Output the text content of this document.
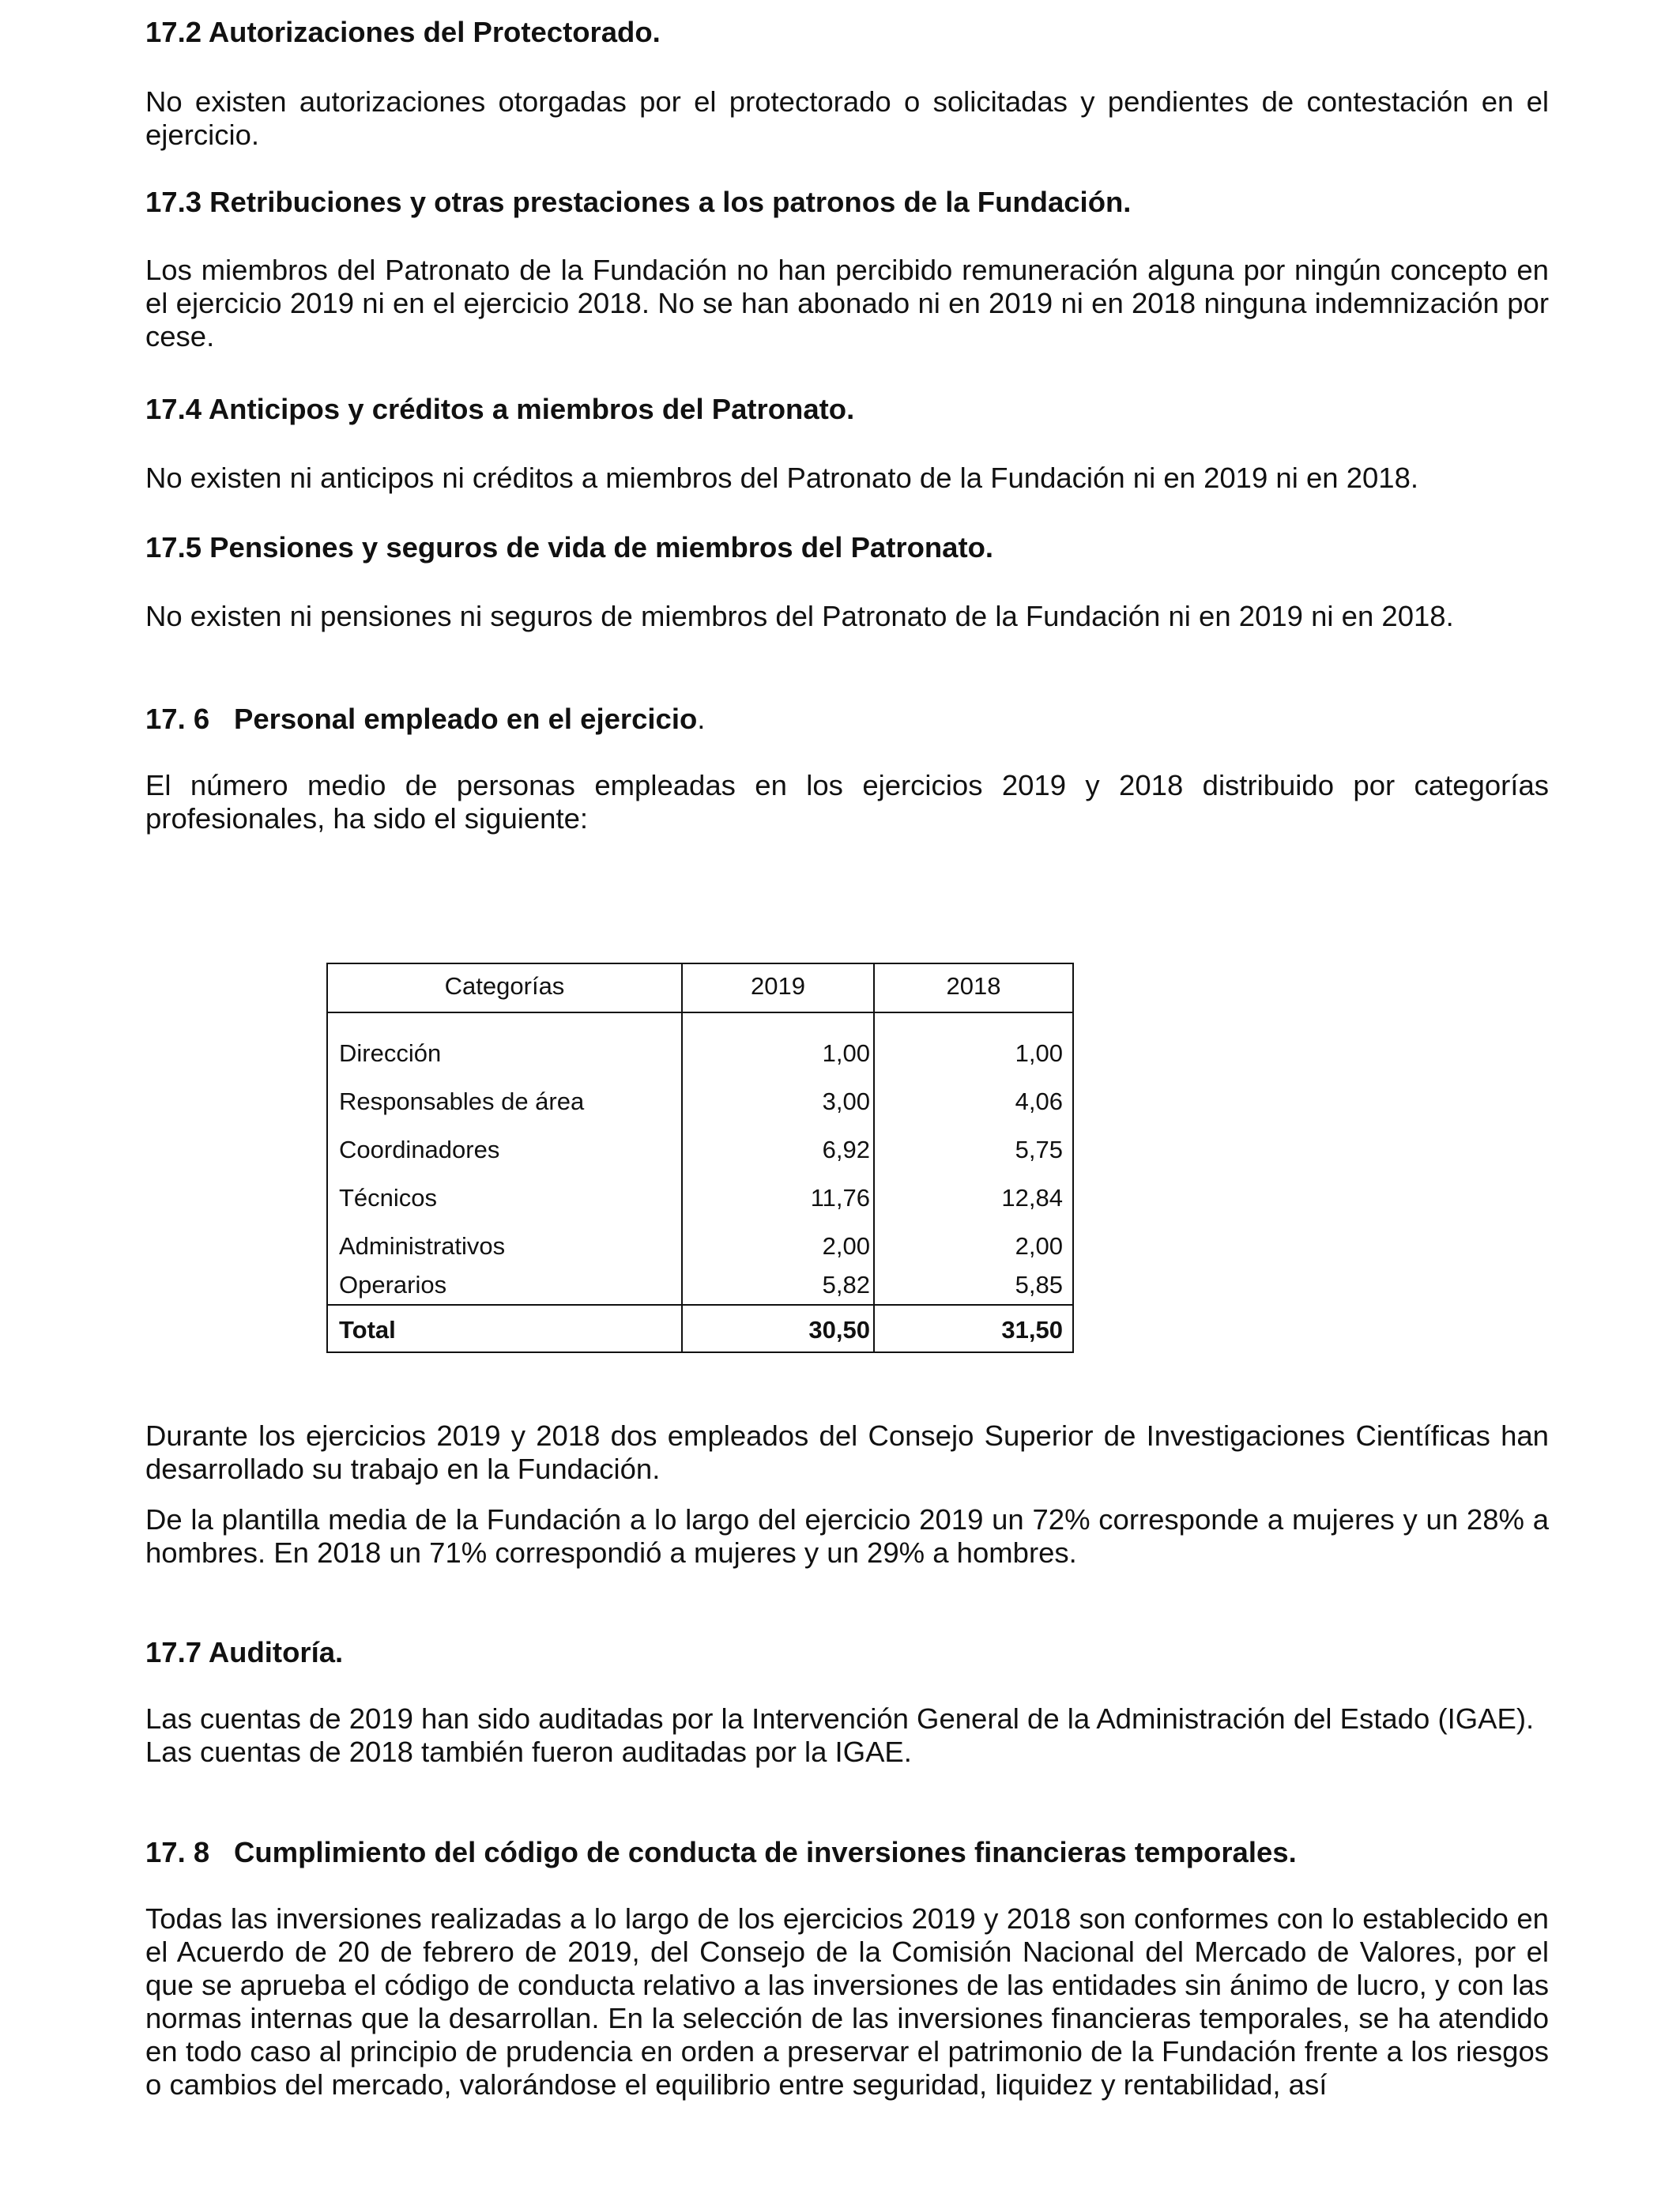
17.2 Autorizaciones del Protectorado.

No existen autorizaciones otorgadas por el protectorado o solicitadas y pendientes de contestación en el ejercicio.

17.3 Retribuciones y otras prestaciones a los patronos de la Fundación.

Los miembros del Patronato de la Fundación no han percibido remuneración alguna por ningún concepto en el ejercicio 2019 ni en el ejercicio 2018. No se han abonado ni en 2019 ni en 2018 ninguna indemnización por cese.

17.4 Anticipos y créditos a miembros del Patronato.

No existen ni anticipos ni créditos a miembros del Patronato de la Fundación ni en 2019 ni en 2018.

17.5 Pensiones y seguros de vida de miembros del Patronato.

No existen ni pensiones ni seguros de miembros del Patronato de la Fundación ni en 2019 ni en 2018.

17. 6 Personal empleado en el ejercicio.

El número medio de personas empleadas en los ejercicios 2019 y 2018 distribuido por categorías profesionales, ha sido el siguiente:

Categorías	2019	2018
Dirección	1,00	1,00
Responsables de área	3,00	4,06
Coordinadores	6,92	5,75
Técnicos	11,76	12,84
Administrativos	2,00	2,00
Operarios	5,82	5,85
Total	30,50	31,50

Durante los ejercicios 2019 y 2018 dos empleados del Consejo Superior de Investigaciones Científicas han desarrollado su trabajo en la Fundación.

De la plantilla media de la Fundación a lo largo del ejercicio 2019 un 72% corresponde a mujeres y un 28% a hombres. En 2018 un 71% correspondió a mujeres y un 29% a hombres.

17.7 Auditoría.

Las cuentas de 2019 han sido auditadas por la Intervención General de la Administración del Estado (IGAE). Las cuentas de 2018 también fueron auditadas por la IGAE.

17. 8 Cumplimiento del código de conducta de inversiones financieras temporales.

Todas las inversiones realizadas a lo largo de los ejercicios 2019 y 2018 son conformes con lo establecido en el Acuerdo de 20 de febrero de 2019, del Consejo de la Comisión Nacional del Mercado de Valores, por el que se aprueba el código de conducta relativo a las inversiones de las entidades sin ánimo de lucro, y con las normas internas que la desarrollan. En la selección de las inversiones financieras temporales, se ha atendido en todo caso al principio de prudencia en orden a preservar el patrimonio de la Fundación frente a los riesgos o cambios del mercado, valorándose el equilibrio entre seguridad, liquidez y rentabilidad, así
